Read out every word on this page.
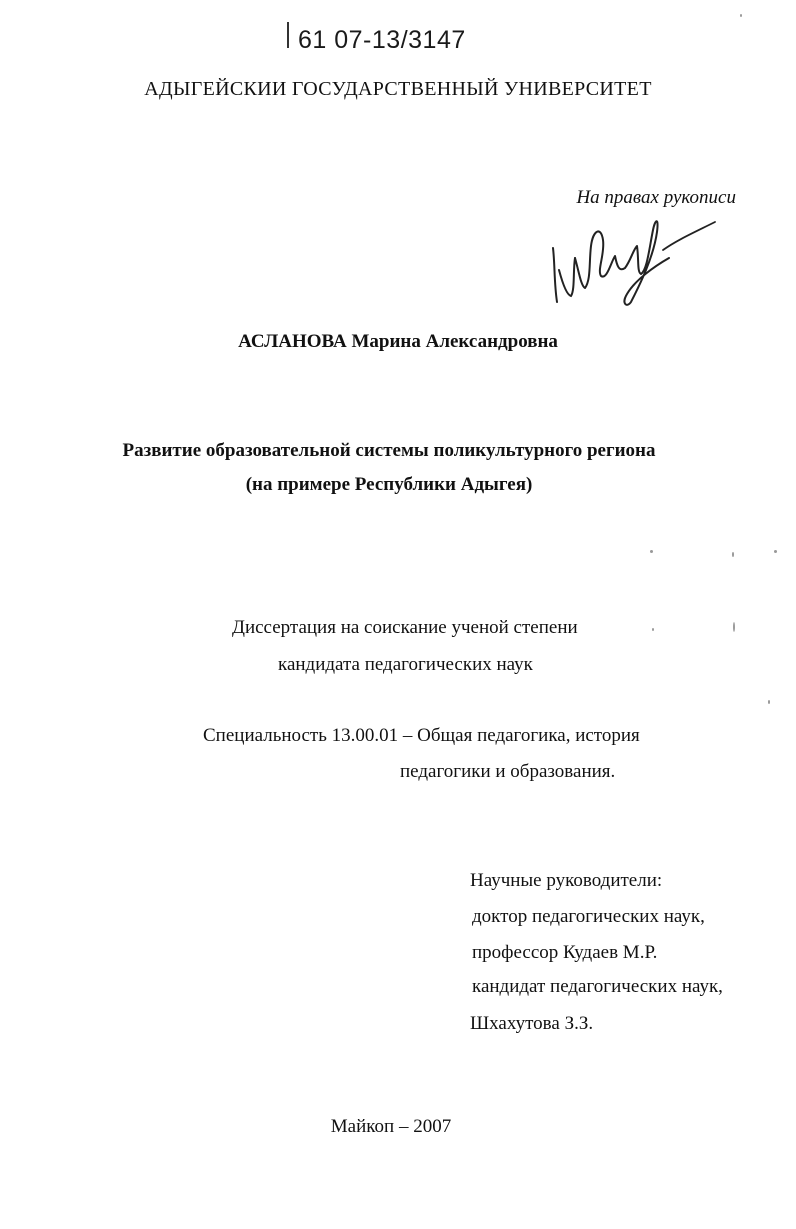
61 07-13/3147
АДЫГЕЙСКИИ ГОСУДАРСТВЕННЫЙ УНИВЕРСИТЕТ
На правах рукописи
АСЛАНОВА Марина Александровна
Развитие образовательной системы поликультурного региона
(на примере Республики Адыгея)
Диссертация на соискание ученой степени
кандидата педагогических наук
Специальность 13.00.01 – Общая педагогика, история
педагогики и образования.
Научные руководители:
доктор педагогических наук,
профессор Кудаев М.Р.
кандидат педагогических наук,
Шхахутова З.З.
Майкоп – 2007
